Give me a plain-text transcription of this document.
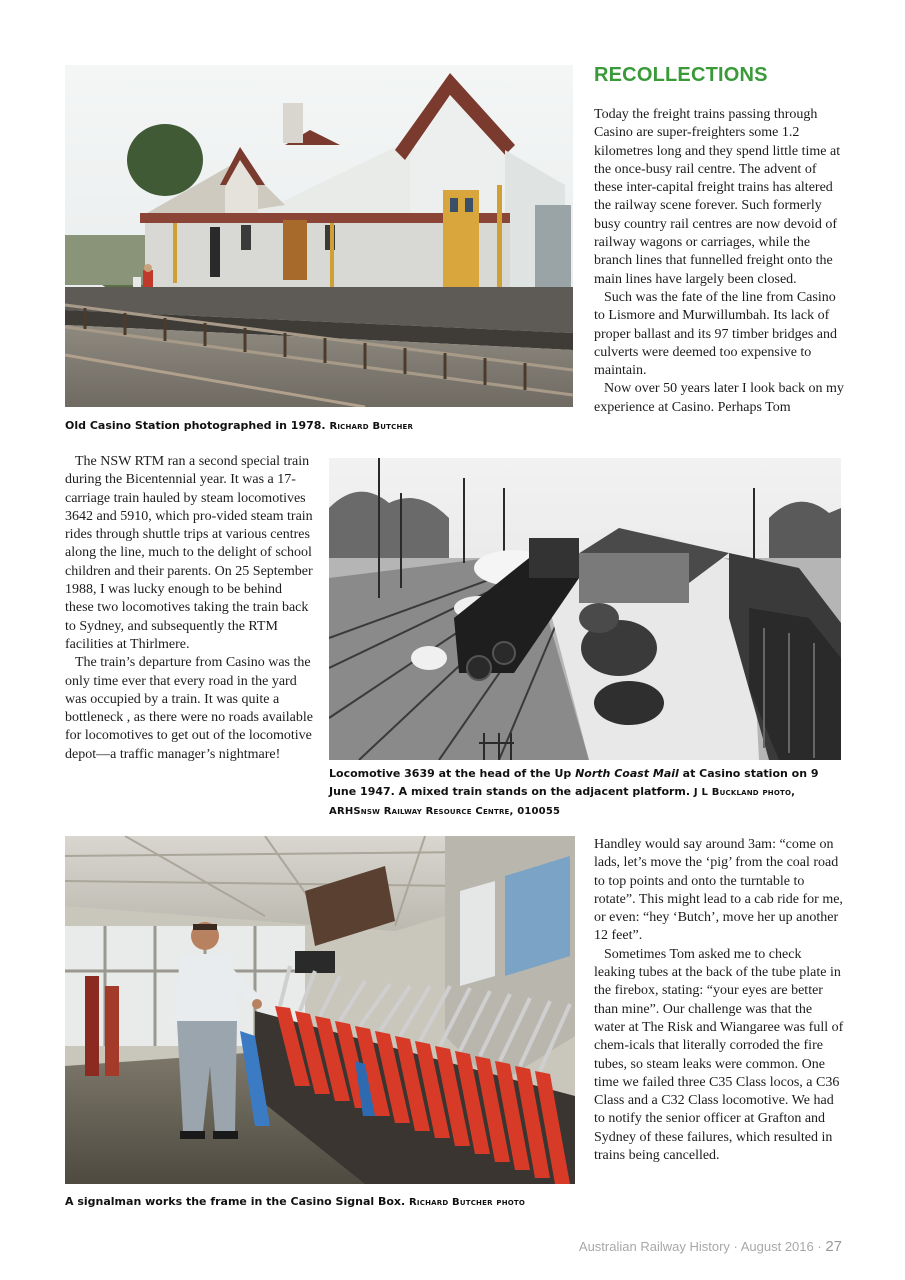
Old Casino Station photographed in 1978. Richard Butcher
RECOLLECTIONS

Today the freight trains passing through Casino are super-freighters some 1.2 kilometres long and they spend little time at the once-busy rail centre. The advent of these inter-capital freight trains has altered the railway scene forever. Such formerly busy country rail centres are now devoid of railway wagons or carriages, while the branch lines that funnelled freight onto the main lines have largely been closed.

Such was the fate of the line from Casino to Lismore and Murwillumbah. Its lack of proper ballast and its 97 timber bridges and culverts were deemed too expensive to maintain.

Now over 50 years later I look back on my experience at Casino. Perhaps Tom

The NSW RTM ran a second special train during the Bicentennial year. It was a 17-carriage train hauled by steam locomotives 3642 and 5910, which pro-vided steam train rides through shuttle trips at various centres along the line, much to the delight of school children and their parents. On 25 September 1988, I was lucky enough to be behind these two locomotives taking the train back to Sydney, and subsequently the RTM facilities at Thirlmere.

The train’s departure from Casino was the only time ever that every road in the yard was occupied by a train. It was quite a bottleneck , as there were no roads available for locomotives to get out of the locomotive depot—a traffic manager’s nightmare!

Locomotive 3639 at the head of the Up North Coast Mail at Casino station on 9 June 1947. A mixed train stands on the adjacent platform. J L Buckland photo, ARHSnsw Railway Resource Centre, 010055
A signalman works the frame in the Casino Signal Box. Richard Butcher photo

Handley would say around 3am: “come on lads, let’s move the ‘pig’ from the coal road to top points and onto the turntable to rotate”. This might lead to a cab ride for me, or even: “hey ‘Butch’, move her up another 12 feet”.

Sometimes Tom asked me to check leaking tubes at the back of the tube plate in the firebox, stating: “your eyes are better than mine”. Our challenge was that the water at The Risk and Wiangaree was full of chem-icals that literally corroded the fire tubes, so steam leaks were common. One time we failed three C35 Class locos, a C36 Class and a C32 Class locomotive. We had to notify the senior officer at Grafton and Sydney of these failures, which resulted in trains being cancelled.

Australian Railway History · August 2016 · 27
